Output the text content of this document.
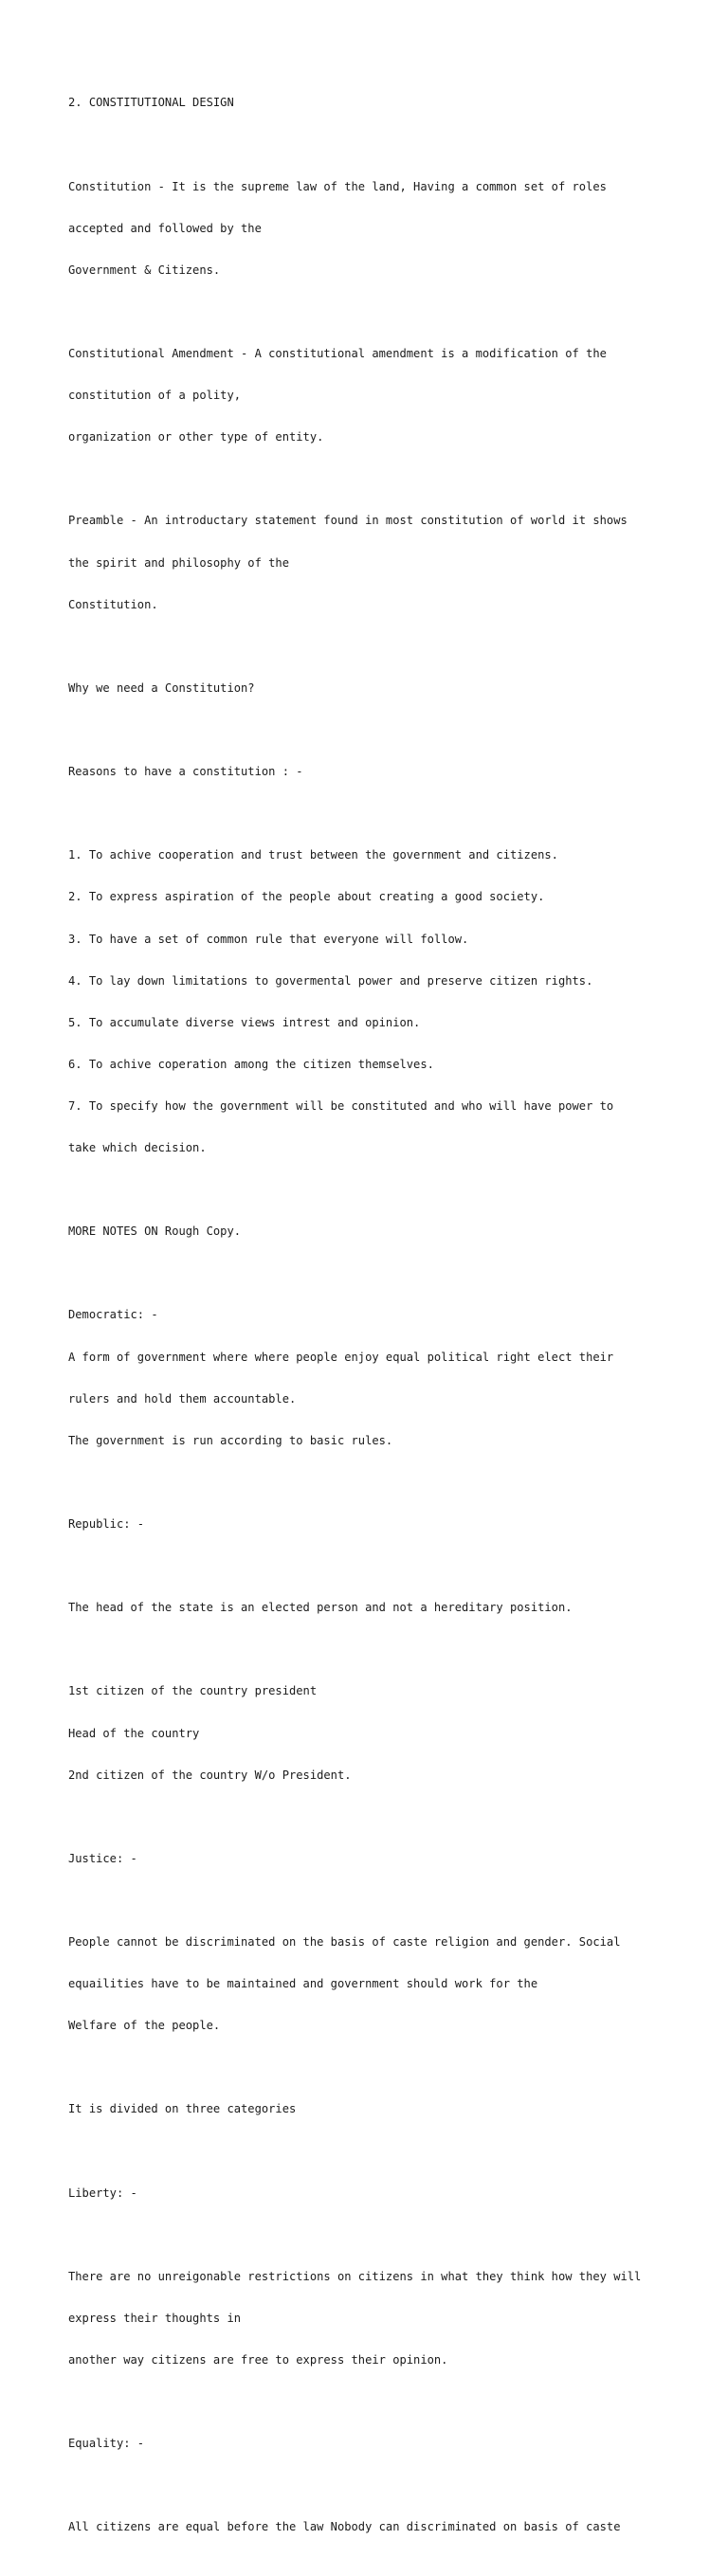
2. CONSTITUTIONAL DESIGN

Constitution - It is the supreme law of the land, Having a common set of roles

accepted and followed by the

Government & Citizens.

Constitutional Amendment - A constitutional amendment is a modification of the

constitution of a polity,

organization or other type of entity.

Preamble - An introductary statement found in most constitution of world it shows

the spirit and philosophy of the

Constitution.

Why we need a Constitution?

Reasons to have a constitution : -

1. To achive cooperation and trust between the government and citizens.

2. To express aspiration of the people about creating a good society.

3. To have a set of common rule that everyone will follow.

4. To lay down limitations to govermental power and preserve citizen rights.

5. To accumulate diverse views intrest and opinion.

6. To achive coperation among the citizen themselves.

7. To specify how the government will be constituted and who will have power to

take which decision.

MORE NOTES ON Rough Copy.

Democratic: -

A form of government where where people enjoy equal political right elect their

rulers and hold them accountable.

The government is run according to basic rules.

Republic: -

The head of the state is an elected person and not a hereditary position.

1st citizen of the country president

Head of the country

2nd citizen of the country W/o President.

Justice: -

People cannot be discriminated on the basis of caste religion and gender. Social

equailities have to be maintained and government should work for the

Welfare of the people.

It is divided on three categories

Liberty: -

There are no unreigonable restrictions on citizens in what they think how they will

express their thoughts in

another way citizens are free to express their opinion.

Equality: -

All citizens are equal before the law Nobody can discriminated on basis of caste
